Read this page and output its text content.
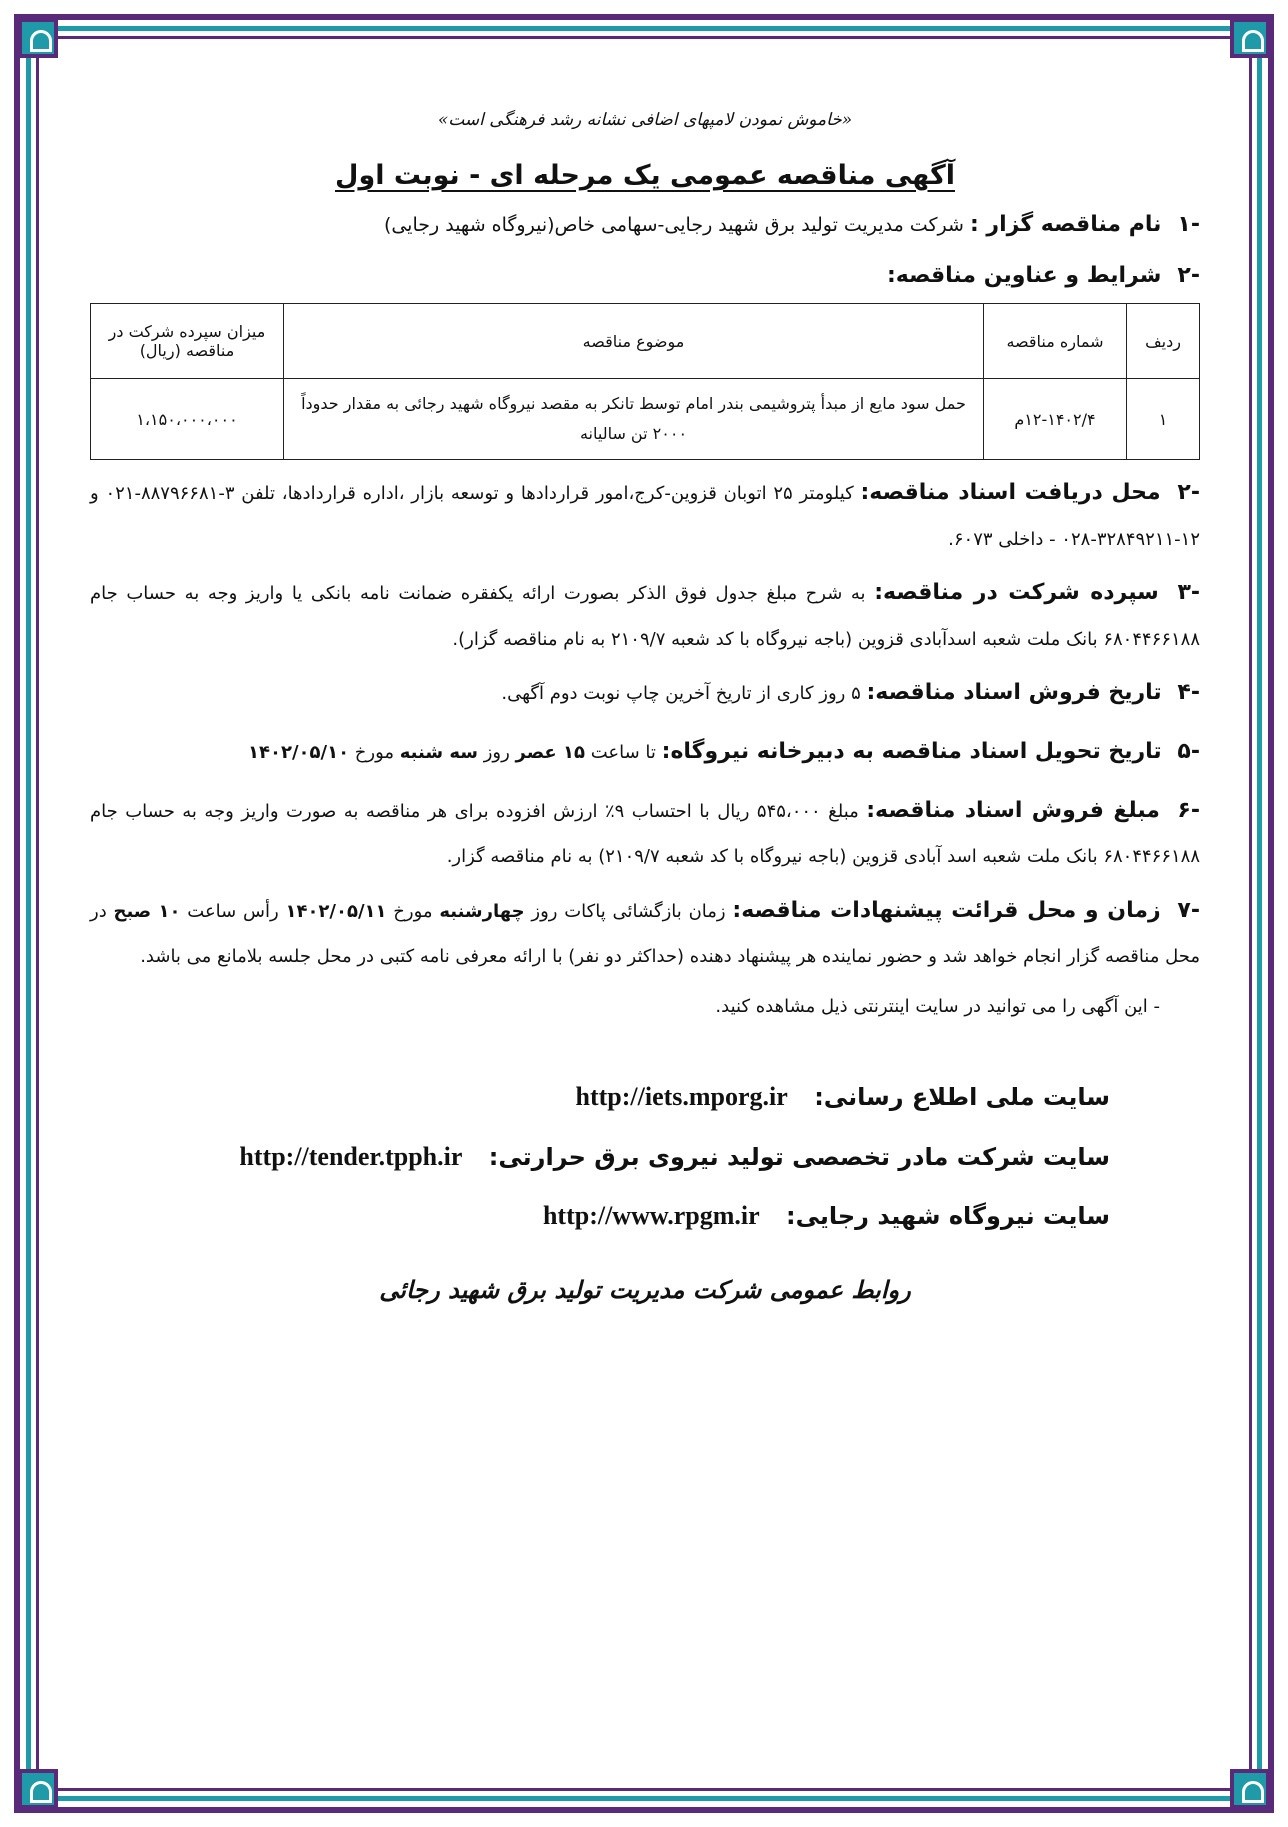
«خاموش نمودن لامپهای اضافی نشانه رشد فرهنگی است»
آگهی مناقصه عمومی یک مرحله ای - نوبت اول
-۱ نام مناقصه گزار : شرکت مدیریت تولید برق شهید رجایی-سهامی خاص(نیروگاه شهید رجایی)
-۲ شرایط و عناوین مناقصه:
ردیف	شماره مناقصه	موضوع مناقصه	میزان سپرده شرکت در مناقصه (ریال)
۱	۱۲-۱۴۰۲/۴م	حمل سود مایع از مبدأ پتروشیمی بندر امام توسط تانکر به مقصد نیروگاه شهید رجائی به مقدار حدوداً ۲۰۰۰ تن سالیانه	۱،۱۵۰،۰۰۰،۰۰۰
-۲ محل دریافت اسناد مناقصه: کیلومتر ۲۵ اتوبان قزوین-کرج،امور قراردادها و توسعه بازار ،اداره قراردادها، تلفن ۳-۸۸۷۹۶۶۸۱-۰۲۱ و ۱۲-۳۲۸۴۹۲۱۱-۰۲۸ - داخلی ۶۰۷۳.
-۳ سپرده شرکت در مناقصه: به شرح مبلغ جدول فوق الذکر بصورت ارائه یکفقره ضمانت نامه بانکی یا واریز وجه به حساب جام ۶۸۰۴۴۶۶۱۸۸ بانک ملت شعبه اسدآبادی قزوین (باجه نیروگاه با کد شعبه ۲۱۰۹/۷ به نام مناقصه گزار).
-۴ تاریخ فروش اسناد مناقصه: ۵ روز کاری از تاریخ آخرین چاپ نوبت دوم آگهی.
-۵ تاریخ تحویل اسناد مناقصه به دبیرخانه نیروگاه: تا ساعت ۱۵ عصر روز سه شنبه مورخ ۱۴۰۲/۰۵/۱۰
-۶ مبلغ فروش اسناد مناقصه: مبلغ ۵۴۵،۰۰۰ ریال با احتساب ۹٪ ارزش افزوده برای هر مناقصه به صورت واریز وجه به حساب جام ۶۸۰۴۴۶۶۱۸۸ بانک ملت شعبه اسد آبادی قزوین (باجه نیروگاه با کد شعبه ۲۱۰۹/۷) به نام مناقصه گزار.
-۷ زمان و محل قرائت پیشنهادات مناقصه: زمان بازگشائی پاکات روز چهارشنبه مورخ ۱۴۰۲/۰۵/۱۱ رأس ساعت ۱۰ صبح در محل مناقصه گزار انجام خواهد شد و حضور نماینده هر پیشنهاد دهنده (حداکثر دو نفر) با ارائه معرفی نامه کتبی در محل جلسه بلامانع می باشد.
- این آگهی را می توانید در سایت اینترنتی ذیل مشاهده کنید.
سایت ملی اطلاع رسانی: http://iets.mporg.ir
سایت شرکت مادر تخصصی تولید نیروی برق حرارتی: http://tender.tpph.ir
سایت نیروگاه شهید رجایی: http://www.rpgm.ir
روابط عمومی شرکت مدیریت تولید برق شهید رجائی
